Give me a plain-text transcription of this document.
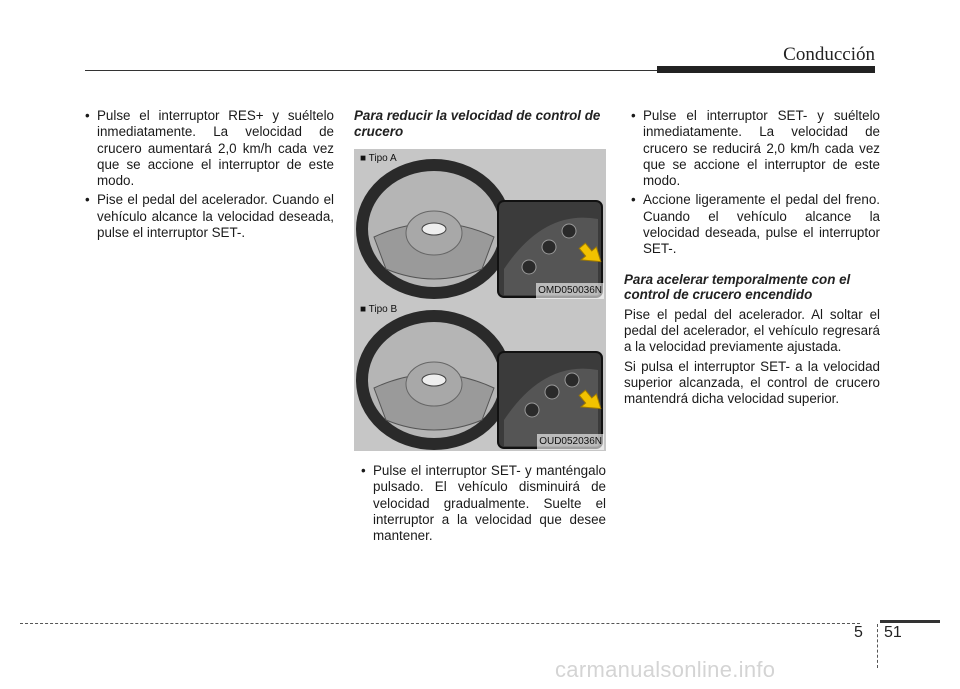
Conducción
• Pulse el interruptor RES+ y suéltelo inmediatamente. La velocidad de crucero aumentará 2,0 km/h cada vez que se accione el interruptor de este modo.
• Pise el pedal del acelerador. Cuando el vehículo alcance la velocidad deseada, pulse el interruptor SET-.
Para reducir la velocidad de control de crucero
■ Tipo A
OMD050036N
■ Tipo B
OUD052036N
• Pulse el interruptor SET- y manténgalo pulsado. El vehículo disminuirá de velocidad gradualmente. Suelte el interruptor a la velocidad que desee mantener.
• Pulse el interruptor SET- y suéltelo inmediatamente. La velocidad de crucero se reducirá 2,0 km/h cada vez que se accione el interruptor de este modo.
• Accione ligeramente el pedal del freno. Cuando el vehículo alcance la velocidad deseada, pulse el interruptor SET-.
Para acelerar temporalmente con el control de crucero encendido

Pise el pedal del acelerador. Al soltar el pedal del acelerador, el vehículo regresará a la velocidad previamente ajustada.

Si pulsa el interruptor SET- a la velocidad superior alcanzada, el control de crucero mantendrá dicha velocidad superior.

5 51
carmanualsonline.info
